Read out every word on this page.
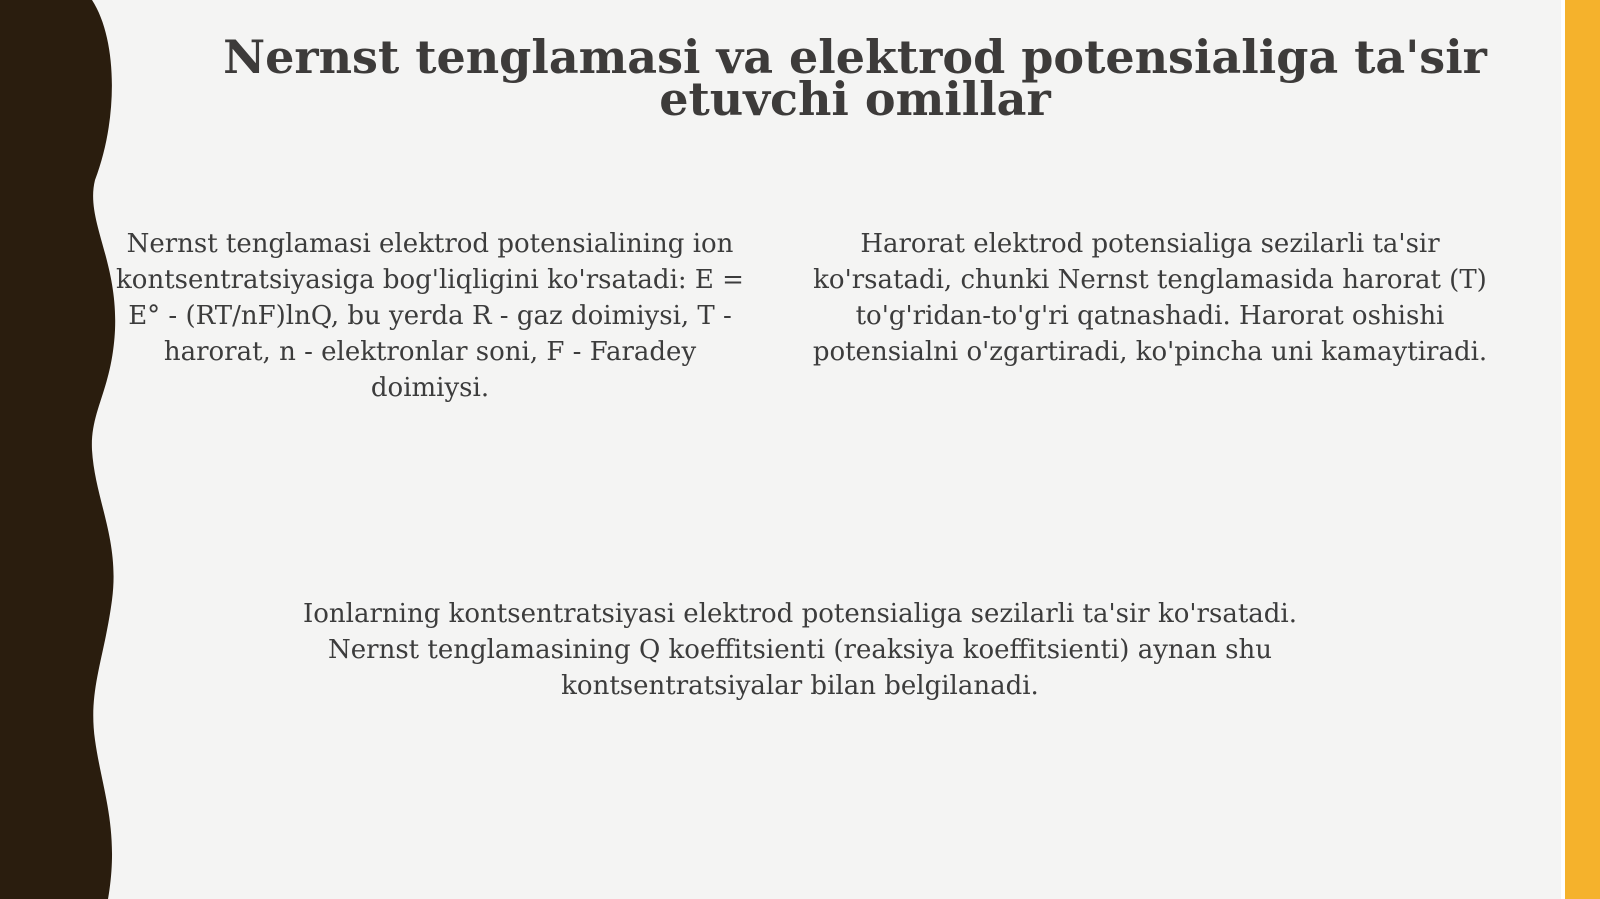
Nernst tenglamasi va elektrod potensialiga ta'sir etuvchi omillar

Nernst tenglamasi elektrod potensialining ion kontsentratsiyasiga bog'liqligini ko'rsatadi: E = E° - (RT/nF)lnQ, bu yerda R - gaz doimiysi, T - harorat, n - elektronlar soni, F - Faradey doimiysi.

Harorat elektrod potensialiga sezilarli ta'sir ko'rsatadi, chunki Nernst tenglamasida harorat (T) to'g'ridan-to'g'ri qatnashadi. Harorat oshishi potensialni o'zgartiradi, ko'pincha uni kamaytiradi.

Ionlarning kontsentratsiyasi elektrod potensialiga sezilarli ta'sir ko'rsatadi. Nernst tenglamasining Q koeffitsienti (reaksiya koeffitsienti) aynan shu kontsentratsiyalar bilan belgilanadi.
